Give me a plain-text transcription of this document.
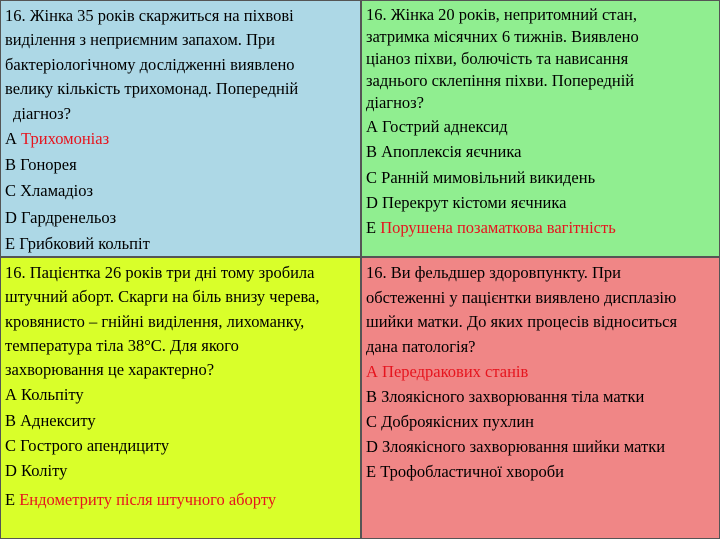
16. Жінка 35 років скаржиться на піхвові

виділення з неприємним запахом. При

бактеріологічному дослідженні виявлено

велику кількість трихомонад. Попередній

діагноз?

А Трихомоніаз

В Гонорея

С Хламадіоз

D Гардренельоз

Е Грибковий кольпіт

16. Жінка 20 років, непритомний стан,

затримка місячних 6 тижнів. Виявлено

ціаноз піхви, болючість та нависання

заднього склепіння піхви. Попередній

діагноз?

А Гострий аднексид

В Апоплексія яєчника

С Ранній мимовільний викидень

D Перекрут кістоми яєчника

Е Порушена позаматкова вагітність

16. Пацієнтка 26 років три дні тому зробила

штучний аборт. Скарги на біль внизу черева,

кровянисто – гнійні виділення, лихоманку,

температура тіла 38°С. Для якого

захворювання це характерно?

А Кольпіту

В Аднекситу

С Гострого апендициту

D Коліту

Е Ендометриту після штучного аборту

16. Ви фельдшер здоровпункту. При

обстеженні у пацієнтки виявлено дисплазію

шийки матки. До яких процесів відноситься

дана патологія?

А Передракових станів

В Злоякісного захворювання тіла матки

С Доброякісних пухлин

D Злоякісного захворювання шийки матки

Е Трофобластичної хвороби
